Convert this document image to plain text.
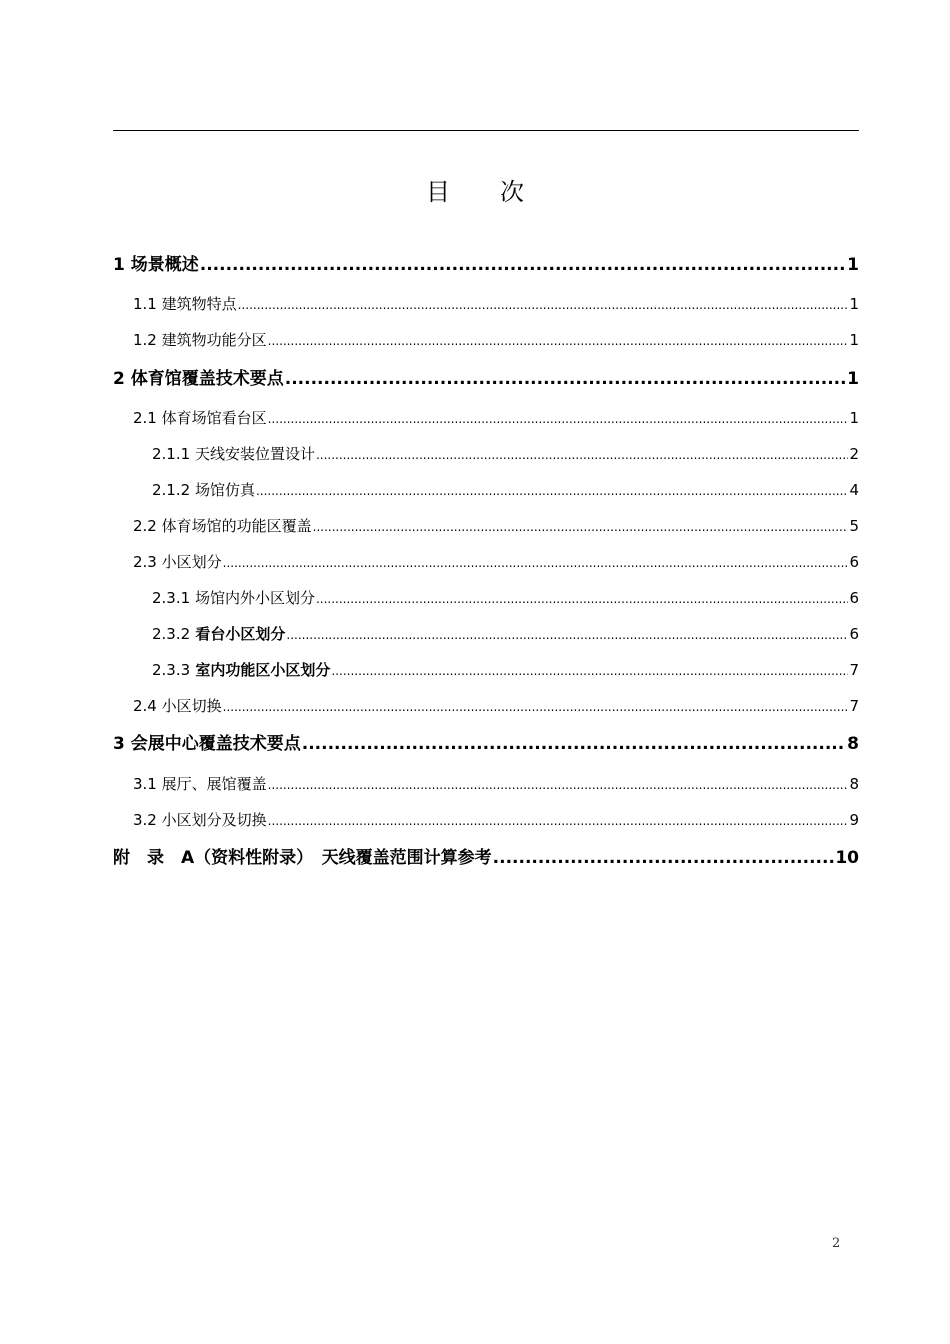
目次
1 场景概述 .....	1
1.1 建筑物特点 .....	1
1.2 建筑物功能分区 .....	1
2 体育馆覆盖技术要点 .....	1
2.1 体育场馆看台区 .....	1
2.1.1 天线安装位置设计 .....	2
2.1.2 场馆仿真 .....	4
2.2 体育场馆的功能区覆盖 .....	5
2.3 小区划分 .....	6
2.3.1 场馆内外小区划分 .....	6
2.3.2 看台小区划分 .....	6
2.3.3 室内功能区小区划分 .....	7
2.4 小区切换 .....	7
3 会展中心覆盖技术要点 .....	8
3.1 展厅、展馆覆盖 .....	8
3.2 小区划分及切换 .....	9
附　录　A（资料性附录）　天线覆盖范围计算参考 .....	10
2
